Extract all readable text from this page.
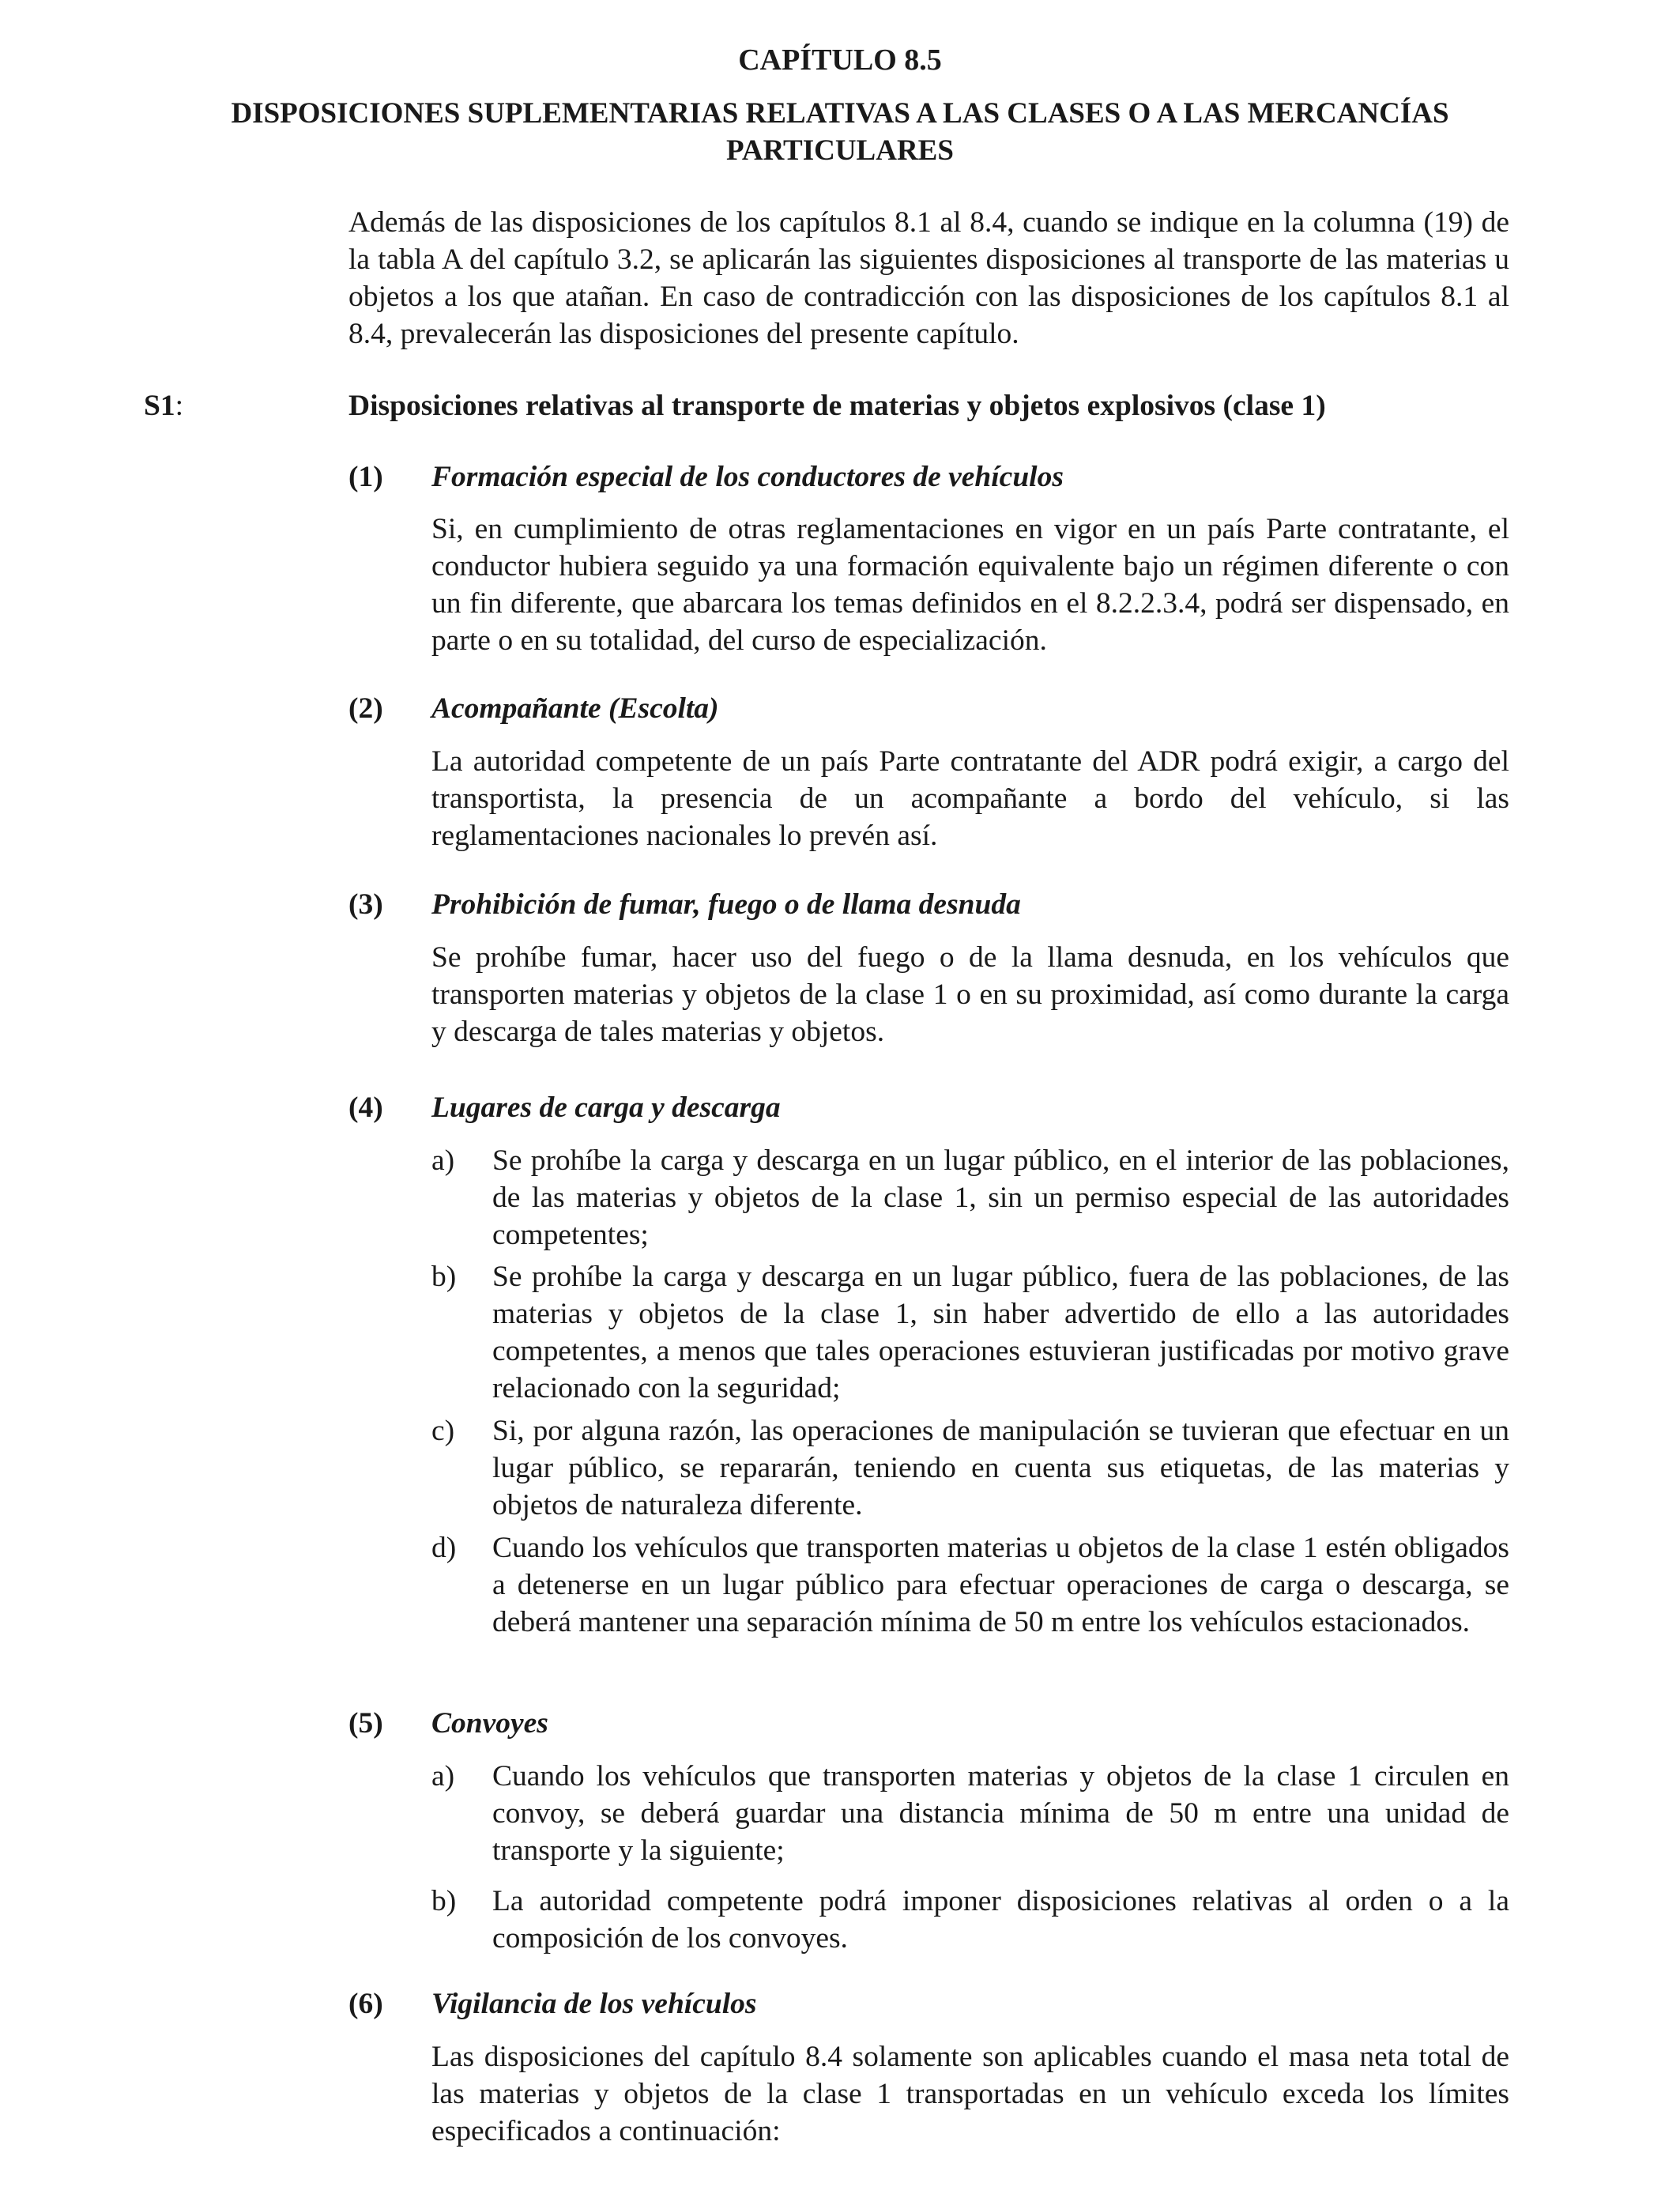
CAPÍTULO 8.5
DISPOSICIONES SUPLEMENTARIAS RELATIVAS A LAS CLASES O A LAS MERCANCÍAS PARTICULARES
Además de las disposiciones de los capítulos 8.1 al 8.4, cuando se indique en la columna (19) de la tabla A del capítulo 3.2, se aplicarán las siguientes disposiciones al transporte de las materias u objetos a los que atañan. En caso de contradicción con las disposiciones de los capítulos 8.1 al 8.4, prevalecerán las disposiciones del presente capítulo.
S1:	Disposiciones relativas al transporte de materias y objetos explosivos (clase 1)
(1) Formación especial de los conductores de vehículos
Si, en cumplimiento de otras reglamentaciones en vigor en un país Parte contratante, el conductor hubiera seguido ya una formación equivalente bajo un régimen diferente o con un fin diferente, que abarcara los temas definidos en el 8.2.2.3.4, podrá ser dispensado, en parte o en su totalidad, del curso de especialización.
(2) Acompañante (Escolta)
La autoridad competente de un país Parte contratante del ADR podrá exigir, a cargo del transportista, la presencia de un acompañante a bordo del vehículo, si las reglamentaciones nacionales lo prevén así.
(3) Prohibición de fumar, fuego o de llama desnuda
Se prohíbe fumar, hacer uso del fuego o de la llama desnuda, en los vehículos que transporten materias y objetos de la clase 1 o en su proximidad, así como durante la carga y descarga de tales materias y objetos.
(4) Lugares de carga y descarga
a) Se prohíbe la carga y descarga en un lugar público, en el interior de las poblaciones, de las materias y objetos de la clase 1, sin un permiso especial de las autoridades competentes;
b) Se prohíbe la carga y descarga en un lugar público, fuera de las poblaciones, de las materias y objetos de la clase 1, sin haber advertido de ello a las autoridades competentes, a menos que tales operaciones estuvieran justificadas por motivo grave relacionado con la seguridad;
c) Si, por alguna razón, las operaciones de manipulación se tuvieran que efectuar en un lugar público, se repararán, teniendo en cuenta sus etiquetas, de las materias y objetos de naturaleza diferente.
d) Cuando los vehículos que transporten materias u objetos de la clase 1 estén obligados a detenerse en un lugar público para efectuar operaciones de carga o descarga, se deberá mantener una separación mínima de 50 m entre los vehículos estacionados.
(5) Convoyes
a) Cuando los vehículos que transporten materias y objetos de la clase 1 circulen en convoy, se deberá guardar una distancia mínima de 50 m entre una unidad de transporte y la siguiente;
b) La autoridad competente podrá imponer disposiciones relativas al orden o a la composición de los convoyes.
(6) Vigilancia de los vehículos
Las disposiciones del capítulo 8.4 solamente son aplicables cuando el masa neta total de las materias y objetos de la clase 1 transportadas en un vehículo exceda los límites especificados a continuación:
